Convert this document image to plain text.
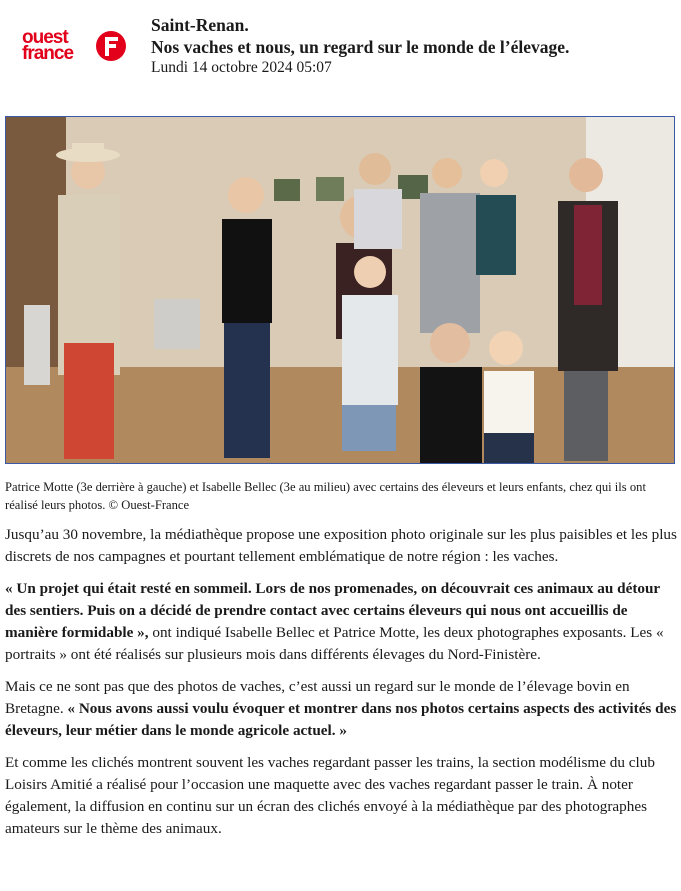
ouest
france

Saint-Renan.

Nos vaches et nous, un regard sur le monde de l’élevage.

Lundi 14 octobre 2024 05:07

Patrice Motte (3e derrière à gauche) et Isabelle Bellec (3e au milieu) avec certains des éleveurs et leurs enfants, chez qui ils ont réalisé leurs photos. © Ouest-France

Jusqu’au 30 novembre, la médiathèque propose une exposition photo originale sur les plus paisibles et les plus discrets de nos campagnes et pourtant tellement emblématique de notre région : les vaches.

« Un projet qui était resté en sommeil. Lors de nos promenades, on découvrait ces animaux au détour des sentiers. Puis on a décidé de prendre contact avec certains éleveurs qui nous ont accueillis de manière formidable », ont indiqué Isabelle Bellec et Patrice Motte, les deux photographes exposants. Les « portraits » ont été réalisés sur plusieurs mois dans différents élevages du Nord-Finistère.

Mais ce ne sont pas que des photos de vaches, c’est aussi un regard sur le monde de l’élevage bovin en Bretagne. « Nous avons aussi voulu évoquer et montrer dans nos photos certains aspects des activités des éleveurs, leur métier dans le monde agricole actuel. »

Et comme les clichés montrent souvent les vaches regardant passer les trains, la section modélisme du club Loisirs Amitié a réalisé pour l’occasion une maquette avec des vaches regardant passer le train. À noter également, la diffusion en continu sur un écran des clichés envoyé à la médiathèque par des photographes amateurs sur le thème des animaux.
